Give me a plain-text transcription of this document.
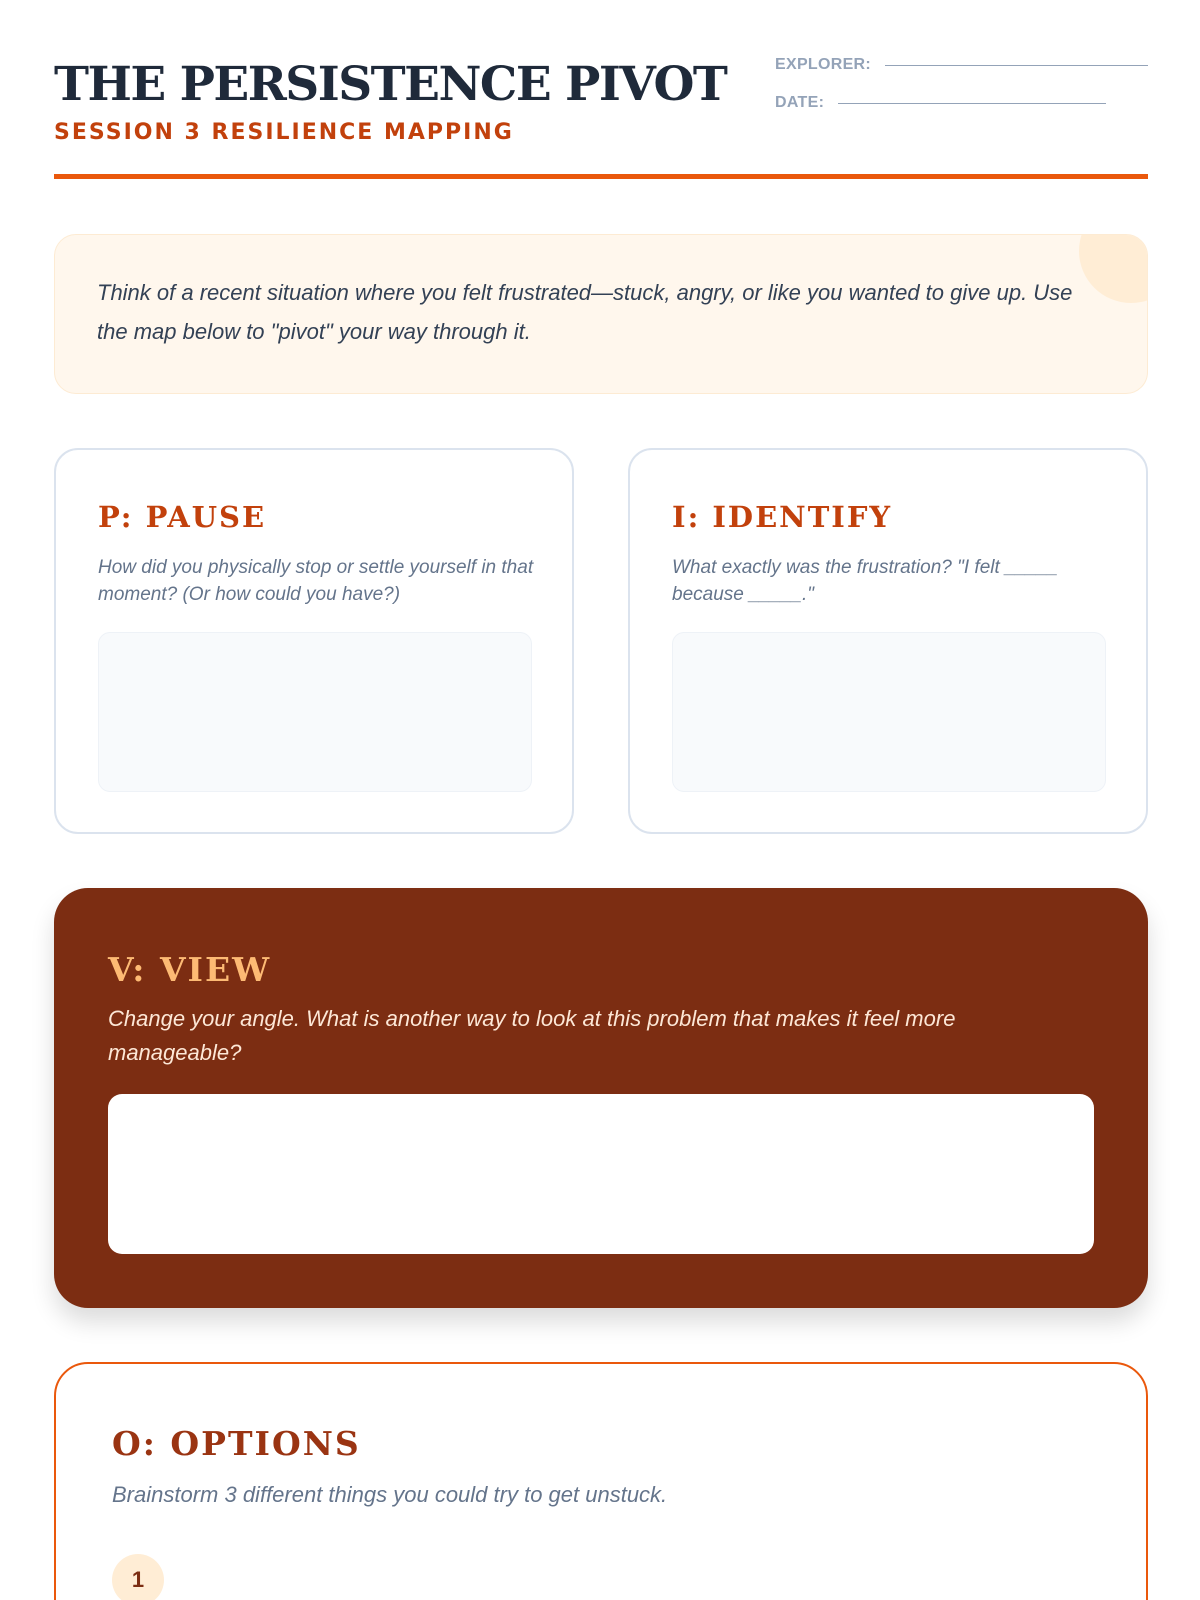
THE PERSISTENCE PIVOT
SESSION 3 RESILIENCE MAPPING
EXPLORER:
DATE:
Think of a recent situation where you felt frustrated—stuck, angry, or like you wanted to give up. Use the map below to "pivot" your way through it.
P: PAUSE
How did you physically stop or settle yourself in that moment? (Or how could you have?)
I: IDENTIFY
What exactly was the frustration? "I felt _____ because _____."
V: VIEW
Change your angle. What is another way to look at this problem that makes it feel more manageable?
O: OPTIONS
Brainstorm 3 different things you could try to get unstuck.
1
